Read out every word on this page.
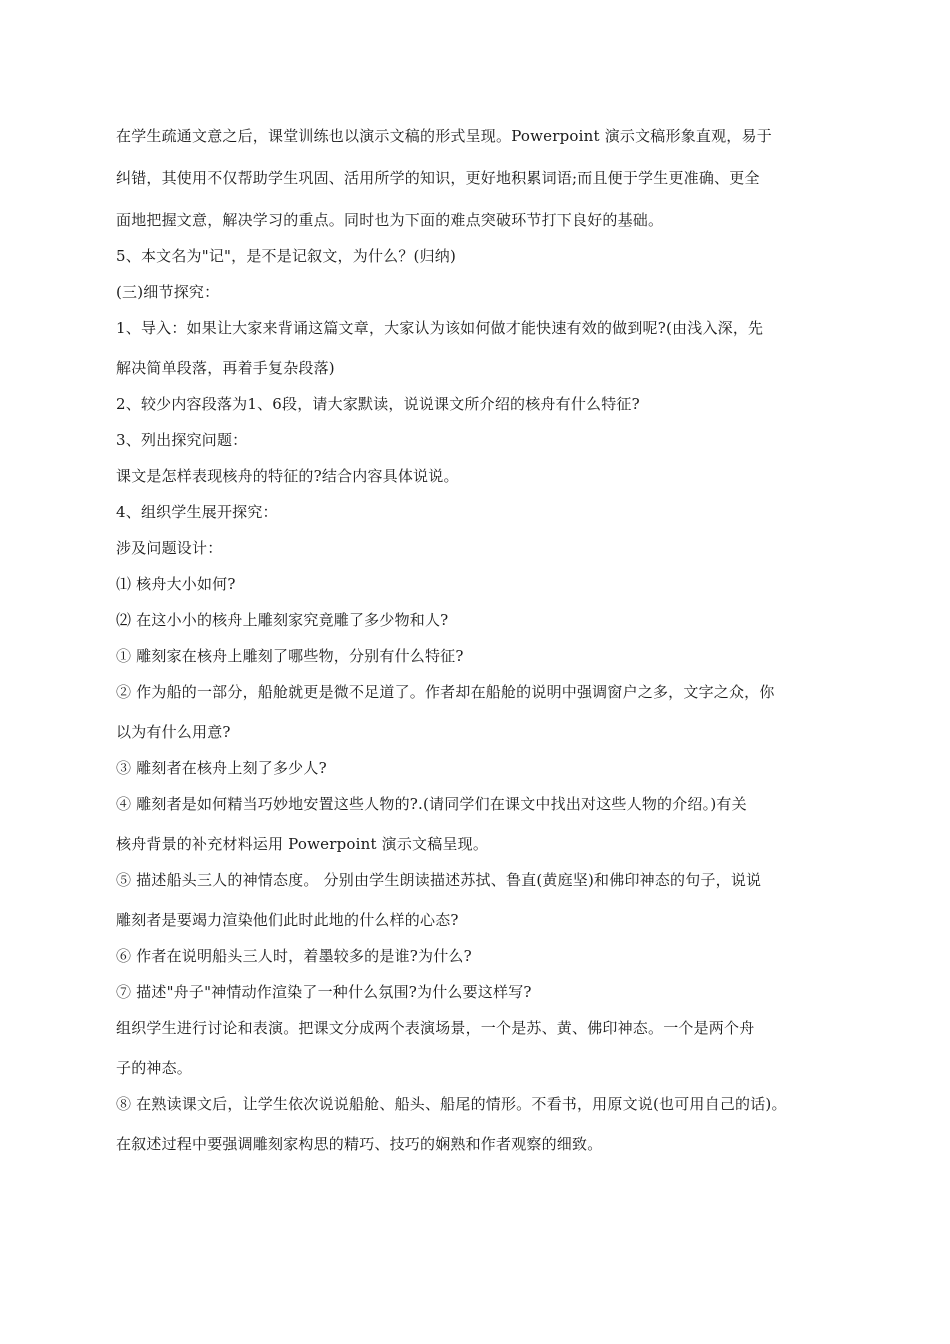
在学生疏通文意之后，课堂训练也以演示文稿的形式呈现。Powerpoint 演示文稿形象直观，易于
纠错，其使用不仅帮助学生巩固、活用所学的知识，更好地积累词语;而且便于学生更准确、更全
面地把握文意，解决学习的重点。同时也为下面的难点突破环节打下良好的基础。
5、本文名为"记"，是不是记叙文，为什么？(归纳)
(三)细节探究：
1、导入：如果让大家来背诵这篇文章，大家认为该如何做才能快速有效的做到呢?(由浅入深，先
解决简单段落，再着手复杂段落)
2、较少内容段落为1、6段，请大家默读，说说课文所介绍的核舟有什么特征?
3、列出探究问题：
课文是怎样表现核舟的特征的?结合内容具体说说。
4、组织学生展开探究：
涉及问题设计：
⑴ 核舟大小如何?
⑵ 在这小小的核舟上雕刻家究竟雕了多少物和人?
① 雕刻家在核舟上雕刻了哪些物，分别有什么特征?
② 作为船的一部分，船舱就更是微不足道了。作者却在船舱的说明中强调窗户之多，文字之众，你
以为有什么用意?
③ 雕刻者在核舟上刻了多少人?
④ 雕刻者是如何精当巧妙地安置这些人物的?.(请同学们在课文中找出对这些人物的介绍。)有关
核舟背景的补充材料运用 Powerpoint 演示文稿呈现。
⑤ 描述船头三人的神情态度。 分别由学生朗读描述苏拭、鲁直(黄庭坚)和佛印神态的句子，说说
雕刻者是要竭力渲染他们此时此地的什么样的心态?
⑥ 作者在说明船头三人时，着墨较多的是谁?为什么?
⑦ 描述"舟子"神情动作渲染了一种什么氛围?为什么要这样写?
组织学生进行讨论和表演。把课文分成两个表演场景，一个是苏、黄、佛印神态。一个是两个舟
子的神态。
⑧ 在熟读课文后，让学生依次说说船舱、船头、船尾的情形。不看书，用原文说(也可用自己的话)。
在叙述过程中要强调雕刻家构思的精巧、技巧的娴熟和作者观察的细致。
